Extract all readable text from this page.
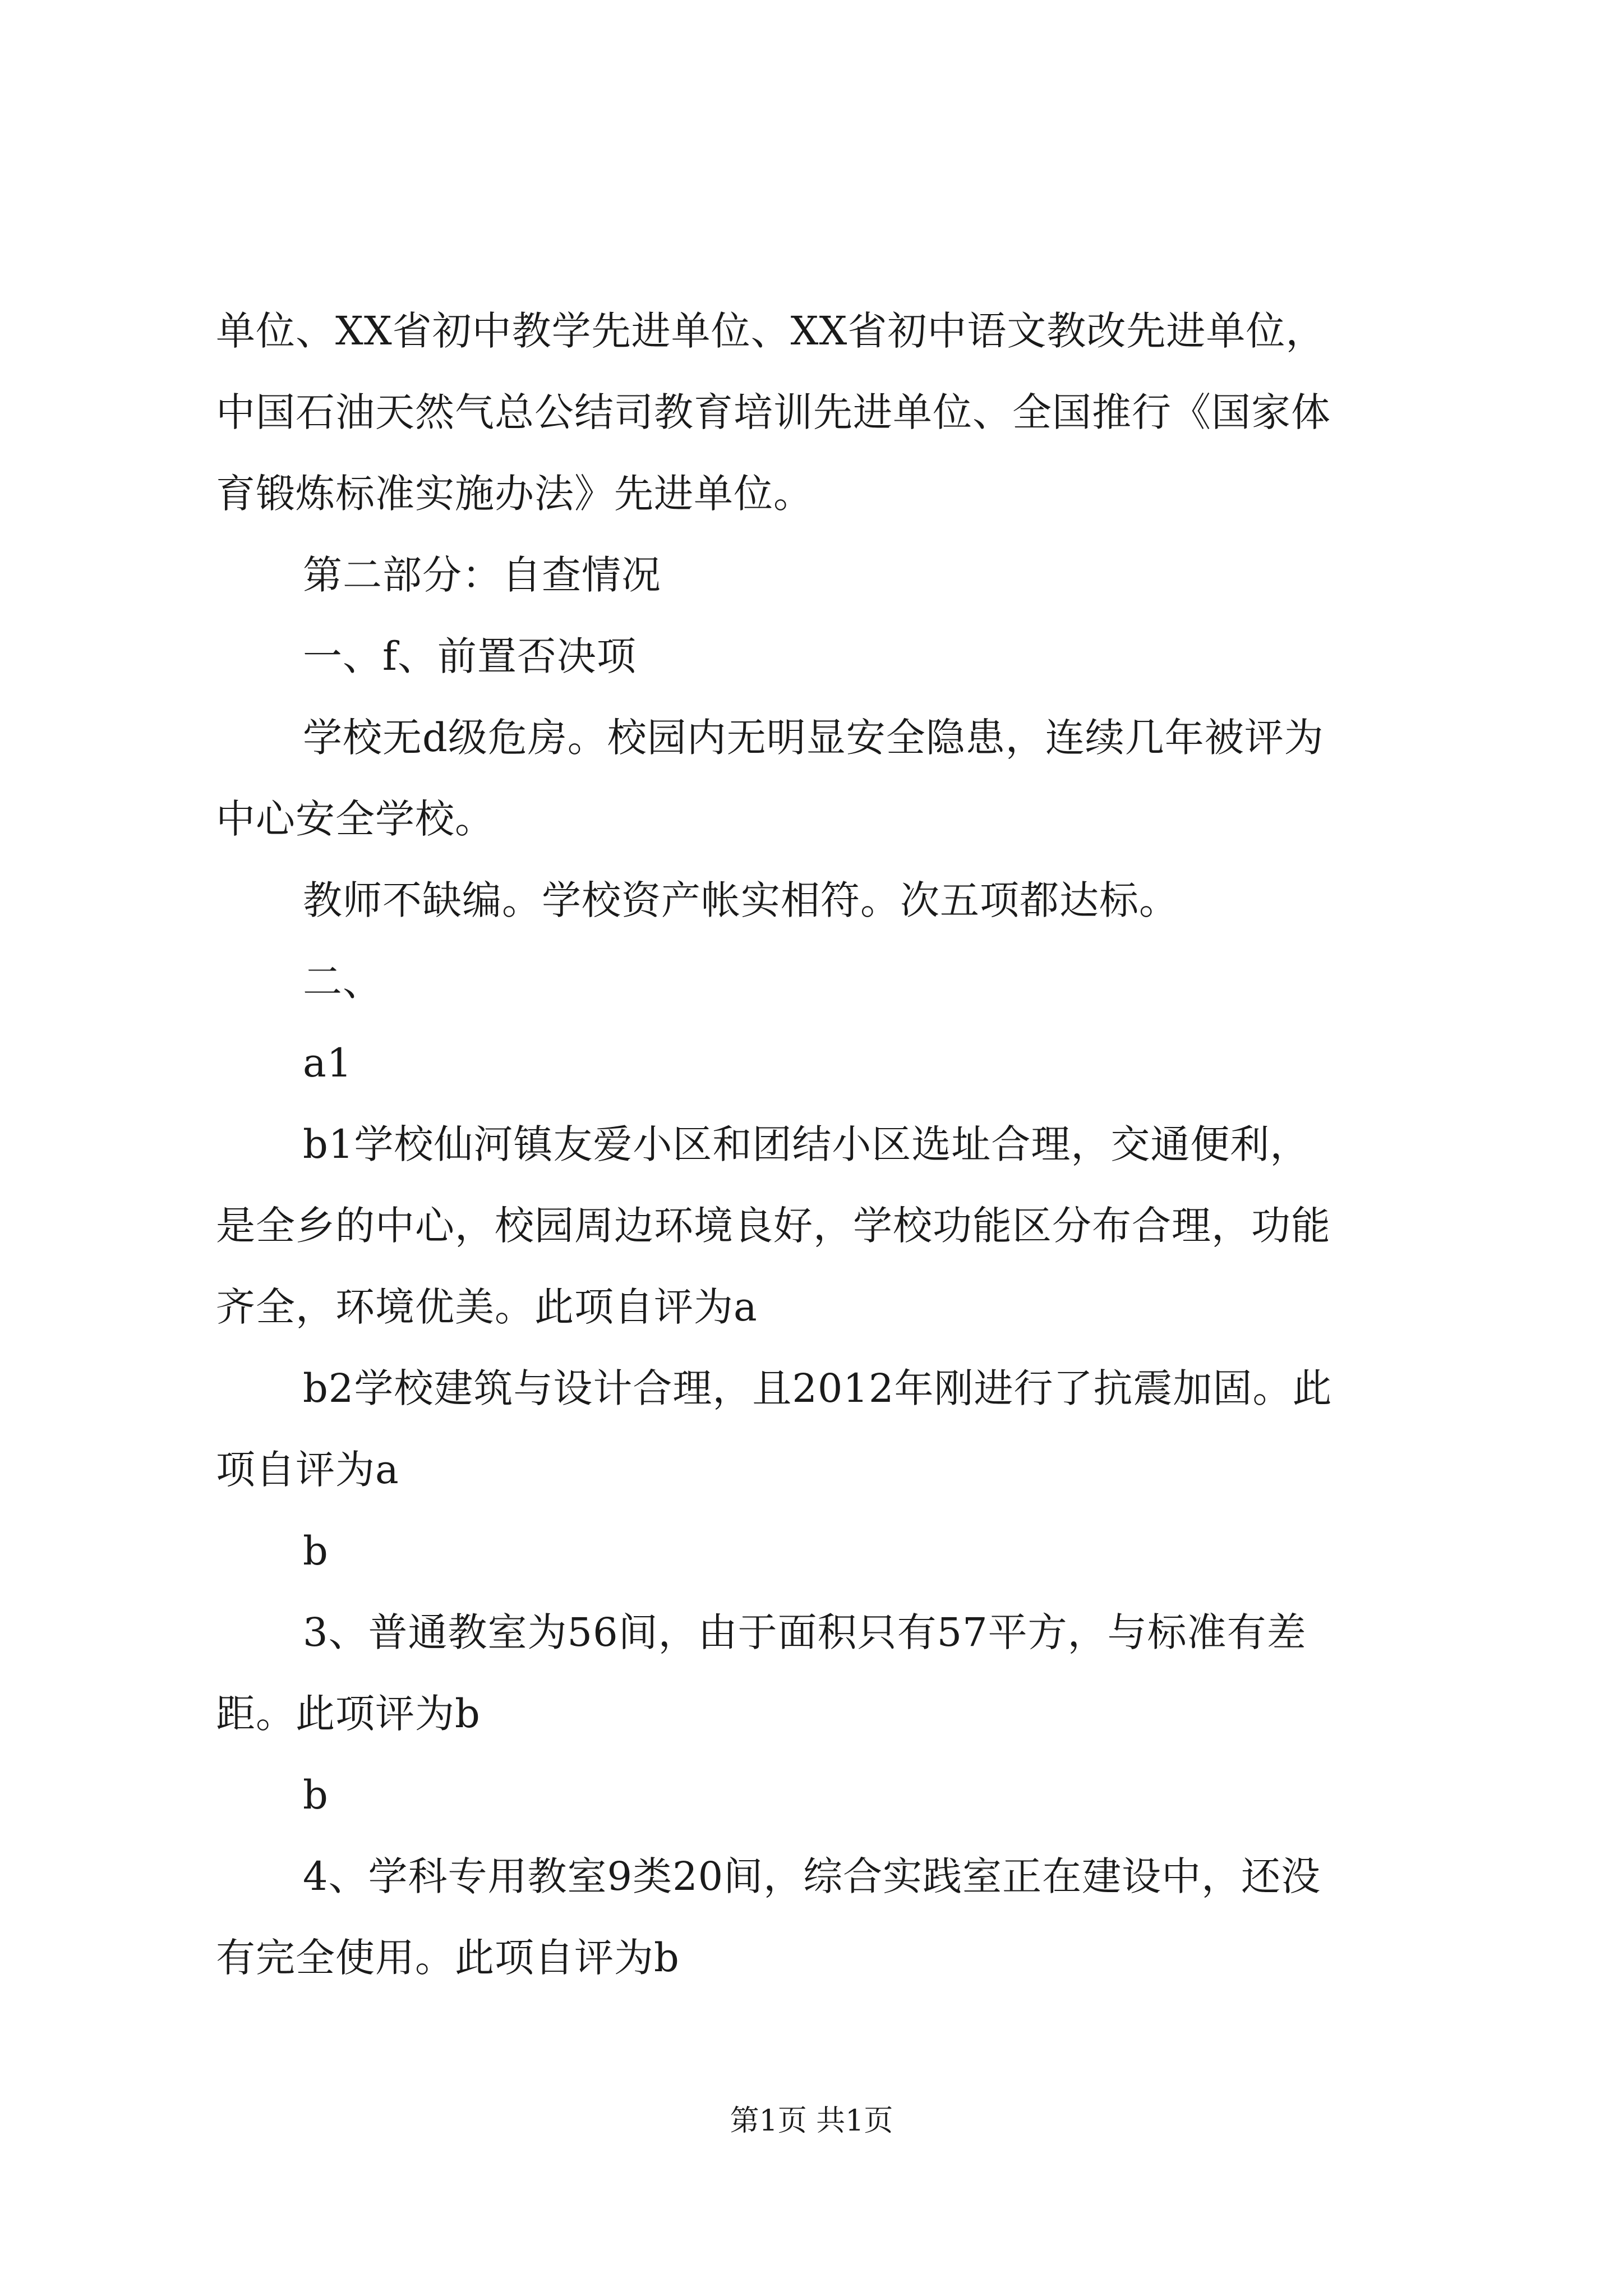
单位、XX省初中教学先进单位、XX省初中语文教改先进单位，
中国石油天然气总公结司教育培训先进单位、全国推行《国家体
育锻炼标准实施办法》先进单位。
第二部分：自查情况
一、f、前置否决项
学校无d级危房。校园内无明显安全隐患，连续几年被评为
中心安全学校。
教师不缺编。学校资产帐实相符。次五项都达标。
二、
a1
b1学校仙河镇友爱小区和团结小区选址合理，交通便利，
是全乡的中心，校园周边环境良好，学校功能区分布合理，功能
齐全，环境优美。此项自评为a
b2学校建筑与设计合理，且2012年刚进行了抗震加固。此
项自评为a
b
3、普通教室为56间，由于面积只有57平方，与标准有差
距。此项评为b
b
4、学科专用教室9类20间，综合实践室正在建设中，还没
有完全使用。此项自评为b
第1页 共1页
